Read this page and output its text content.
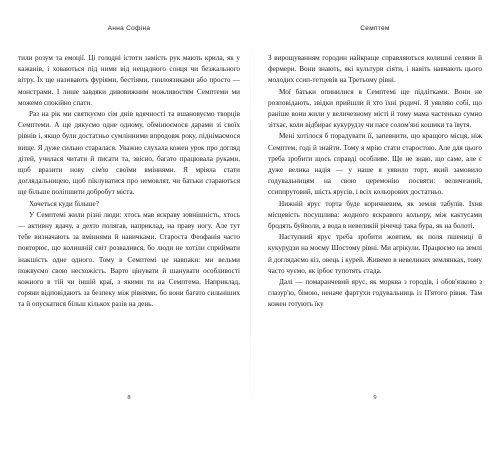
Анна Софіна

тили розум та емоції. Ці голодні істоти замість рук мають крила, як у кажанів, і ховаються під ними від нещадного сонця чи безжального вітру. Їх ще називають фуріями, бестіями, гнилоязиками або просто — монстрами. І лише завдяки дивовижним можливостям Семптеми ми можемо спокійно спати.

Раз на рік ми святкуємо сім днів вдячності та вшановуємо творців Семптеми. А ще дякуємо одне одному, обмінюємося дарами зі своїх рівнів і, якщо були достатньо сумлінними впродовж року, піднімаємося вище. Я дуже сильно старалася. Уважно слухала кожен урок про догляд дітей, училася читати й писати та, звісно, багато працювала руками, щоб вразити нову сім'ю своїми вміннями. Я мріяла стати доглядальницею, щоб піклуватися про немовлят, чи батьки стараються ще більше поліпшити добробут міста.

Хочеться куди більше?

У Семптемі жили різні люди: хтось мав яскраву зовнішність, хтось — активну вдачу, а дехто полягав, наприклад, на праву ногу. Але тут тебе визначають за вміннями й навичками. Старостa Феофанія часто повторює, що колишній світ розвалився, бо люди не хотіли сприймати інакшість одне одного. Тому в Семптемі це навпаки: ми вельми пожвуємо свою несхожість. Варто цінувати й шанувати особливості кожного в тій чи іншій краї, з якими ти на Семптема. Наприклад, горяни відповідають за безпеку між рівнями, бо вони багато сильніших та й опускатися більш кількох разів на день.

8
Семптем

З вирощуванням городин найкраще справляються колишні селяни й фермери. Вони знають, які культури сіяти, і навіть навчають цього молодих ссип-тетцевів на Третьому рівні.

Мої батьки опинилися в Семптемі ще підлітками. Вони не розповідають, звідки прийшли й хто їхні родичі. Я уявляю собі, що раніше вони жили у величезному місті й тому мама частенько сумно зітхає, коли відбирає кукурудзу чи пасе солом'яні кошики та ївутя.

Мені хотілося б порадувати її, запевнити, що кращого місця, ніж Семптем, годі й знайти. Тому я мрію стати старостою. Але для цього треба зробити щось справді особливе. Ще не знаю, що саме, але є дуже велика надія — у наше я уявило торт, який замовило годувальницям на свою церемонію посвяти: величезний, ссиппрутовий, шість ярусів, і всіх кольорових достатньо.

Нижній ярус торта буде коричневим, як земля табулів. Іхня місцевість посушлива: жодного яскравого кольору, між кактусами бродять буйволи, а вода в невеликій річечці така бура, як на болоті.

Наступний ярус треба зробити жовтим, як поля пшениці й кукурудзи на моєму Шостому рівні. Ми агрікули. Працюємо на землі й доглядаємо кіз, овець і курей. Живемо в невеликих землянках, тому часто чуємо, як ірбоє тупотять стада.

Далі — помаранчевий ярус, як морква з городів, і обов'язково з глазур'ю, бімою, неначе фартухи годувальниць із П'ятого рівня. Там кожен готують їку

9
